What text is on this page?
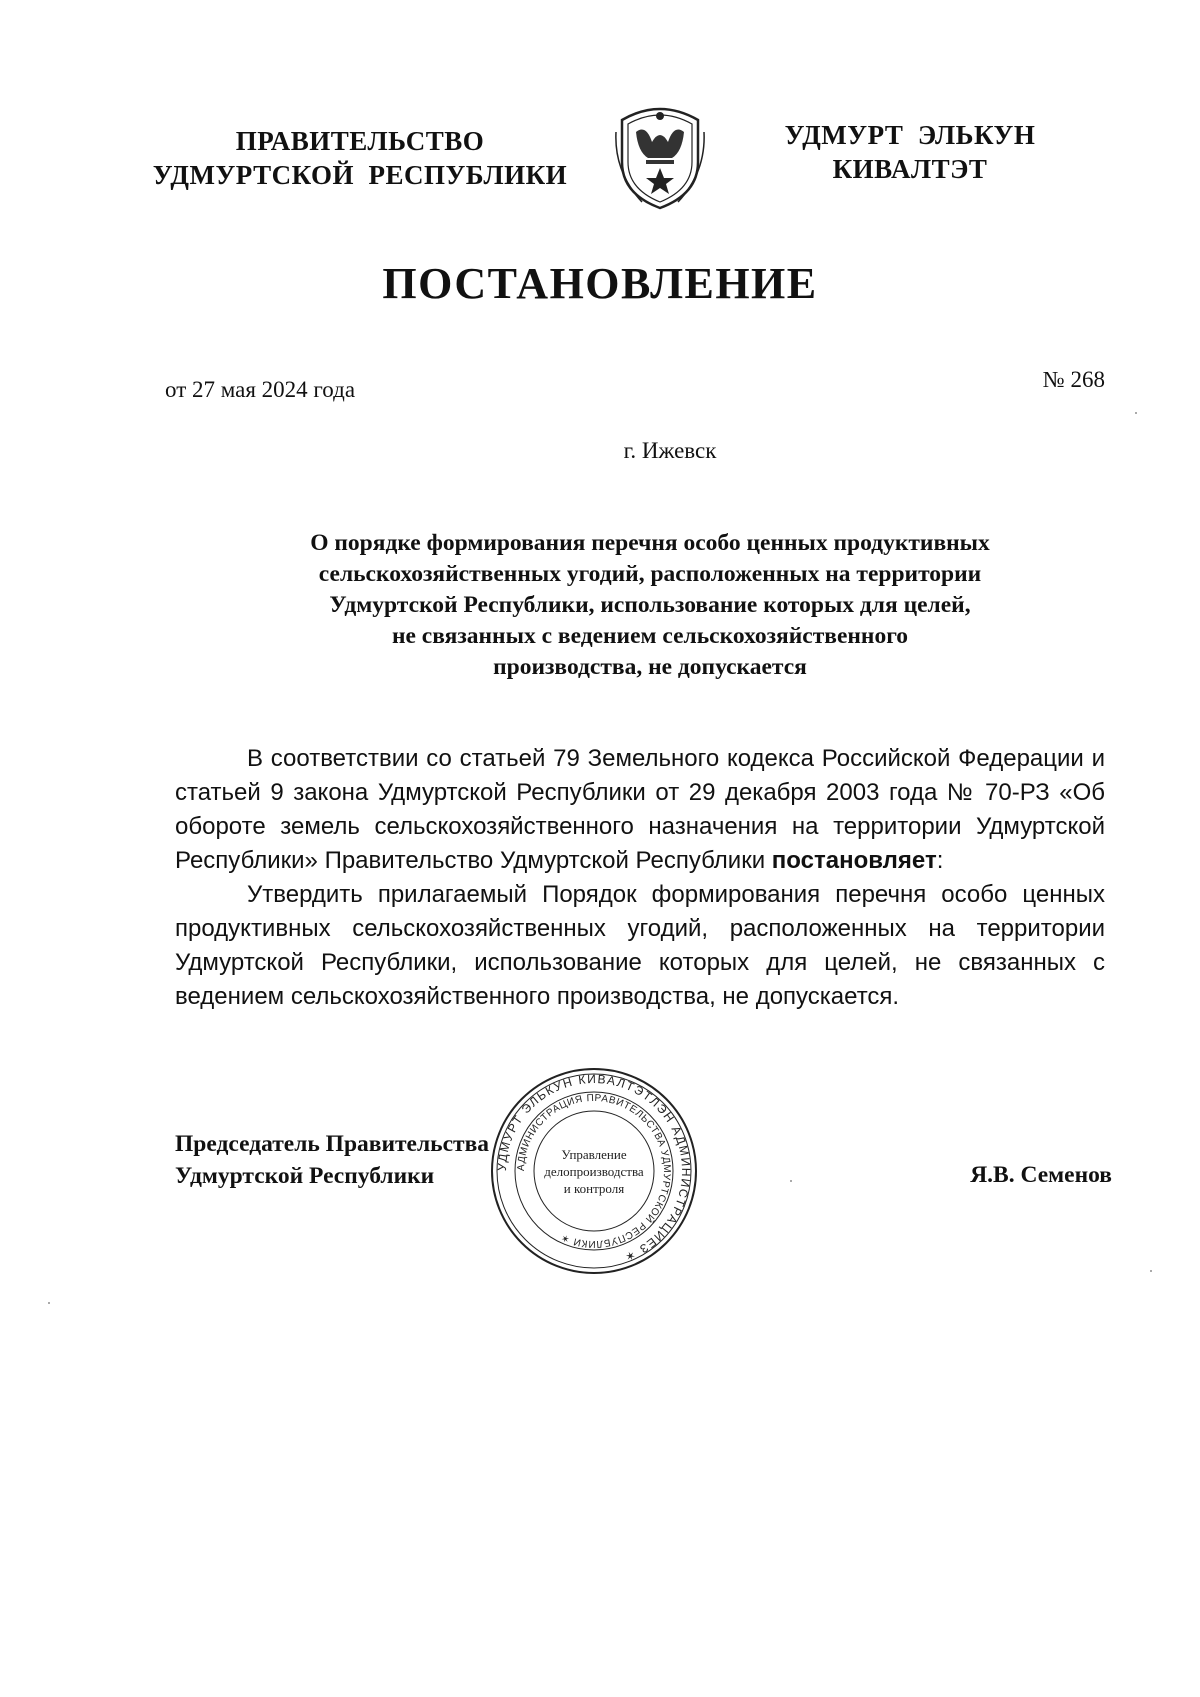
ПРАВИТЕЛЬСТВО
УДМУРТСКОЙ  РЕСПУБЛИКИ
УДМУРТ  ЭЛЬКУН
КИВАЛТЭТ
ПОСТАНОВЛЕНИЕ
от 27 мая 2024 года	№ 268
г. Ижевск
О порядке формирования перечня особо ценных продуктивных
сельскохозяйственных угодий, расположенных на территории
Удмуртской Республики, использование которых для целей,
не связанных с ведением сельскохозяйственного
производства, не допускается

В соответствии со статьей 79 Земельного кодекса Российской Федерации и статьей 9 закона Удмуртской Республики от 29 декабря 2003 года № 70-РЗ «Об обороте земель сельскохозяйственного назначения на территории Удмуртской Республики» Правительство Удмуртской Республики постановляет:

Утвердить прилагаемый Порядок формирования перечня особо ценных продуктивных сельскохозяйственных угодий, расположенных на территории Удмуртской Республики, использование которых для целей, не связанных с ведением сельскохозяйственного производства, не допускается.

Председатель Правительства
Удмуртской Республики	УДМУРТ ЭЛЬКУН КИВАЛТЭТЛЭН АДМИНИСТРАЦИЕЗ ✶
АДМИНИСТРАЦИЯ ПРАВИТЕЛЬСТВА УДМУРТСКОЙ РЕСПУБЛИКИ ✶
Управление
делопроизводства
и контроля
Я.В. Семенов
